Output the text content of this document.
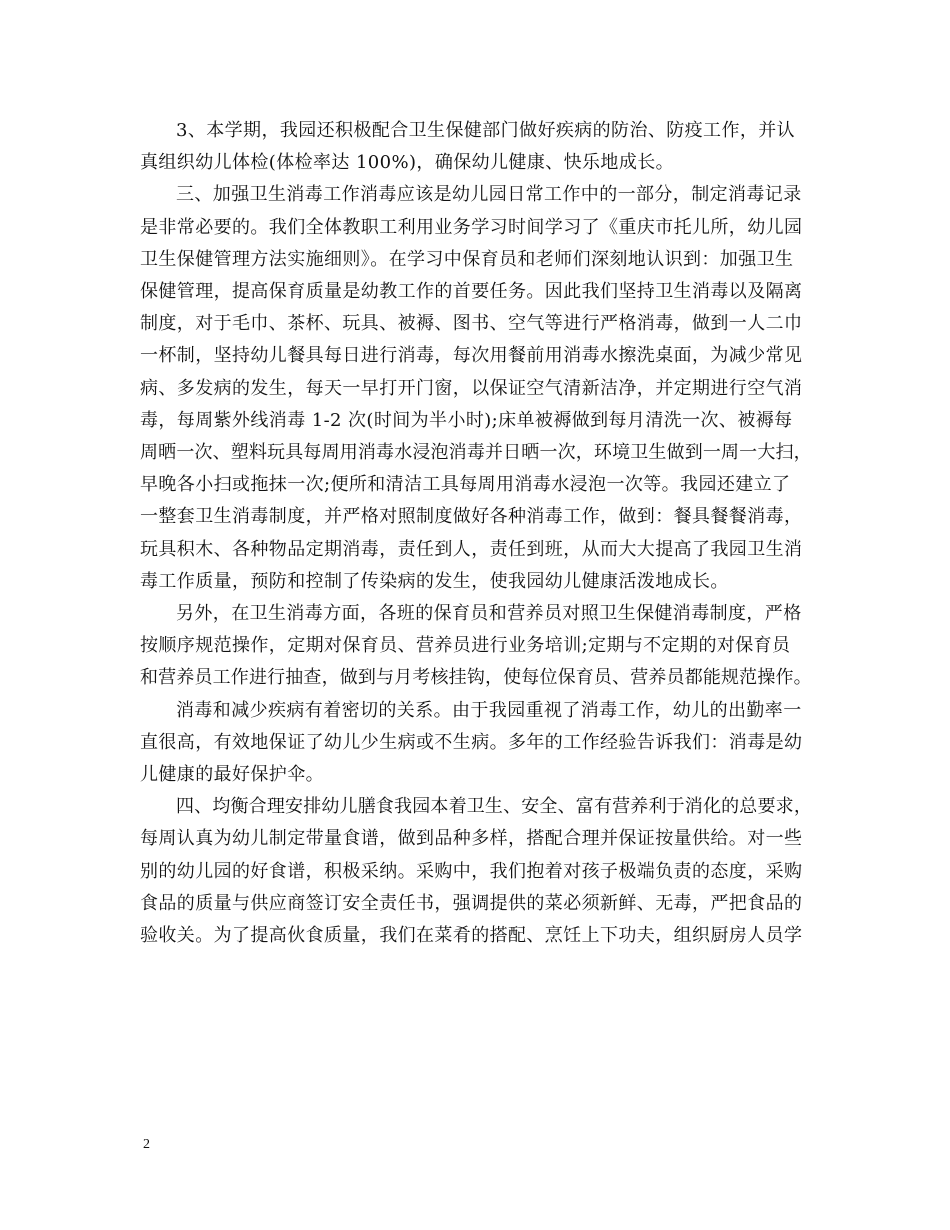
3、本学期，我园还积极配合卫生保健部门做好疾病的防治、防疫工作，并认
真组织幼儿体检(体检率达 100%)，确保幼儿健康、快乐地成长。
三、加强卫生消毒工作消毒应该是幼儿园日常工作中的一部分，制定消毒记录
是非常必要的。我们全体教职工利用业务学习时间学习了《重庆市托儿所，幼儿园
卫生保健管理方法实施细则》。在学习中保育员和老师们深刻地认识到：加强卫生
保健管理，提高保育质量是幼教工作的首要任务。因此我们坚持卫生消毒以及隔离
制度，对于毛巾、茶杯、玩具、被褥、图书、空气等进行严格消毒，做到一人二巾
一杯制，坚持幼儿餐具每日进行消毒，每次用餐前用消毒水擦洗桌面，为减少常见
病、多发病的发生，每天一早打开门窗，以保证空气清新洁净，并定期进行空气消
毒，每周紫外线消毒 1-2 次(时间为半小时);床单被褥做到每月清洗一次、被褥每
周晒一次、塑料玩具每周用消毒水浸泡消毒并日晒一次，环境卫生做到一周一大扫，
早晚各小扫或拖抹一次;便所和清洁工具每周用消毒水浸泡一次等。我园还建立了
一整套卫生消毒制度，并严格对照制度做好各种消毒工作，做到：餐具餐餐消毒，
玩具积木、各种物品定期消毒，责任到人，责任到班，从而大大提高了我园卫生消
毒工作质量，预防和控制了传染病的发生，使我园幼儿健康活泼地成长。
另外，在卫生消毒方面，各班的保育员和营养员对照卫生保健消毒制度，严格
按顺序规范操作，定期对保育员、营养员进行业务培训;定期与不定期的对保育员
和营养员工作进行抽查，做到与月考核挂钩，使每位保育员、营养员都能规范操作。
消毒和减少疾病有着密切的关系。由于我园重视了消毒工作，幼儿的出勤率一
直很高，有效地保证了幼儿少生病或不生病。多年的工作经验告诉我们：消毒是幼
儿健康的最好保护伞。
四、均衡合理安排幼儿膳食我园本着卫生、安全、富有营养利于消化的总要求，
每周认真为幼儿制定带量食谱，做到品种多样，搭配合理并保证按量供给。对一些
别的幼儿园的好食谱，积极采纳。采购中，我们抱着对孩子极端负责的态度，采购
食品的质量与供应商签订安全责任书，强调提供的菜必须新鲜、无毒，严把食品的
验收关。为了提高伙食质量，我们在菜肴的搭配、烹饪上下功夫，组织厨房人员学
2
